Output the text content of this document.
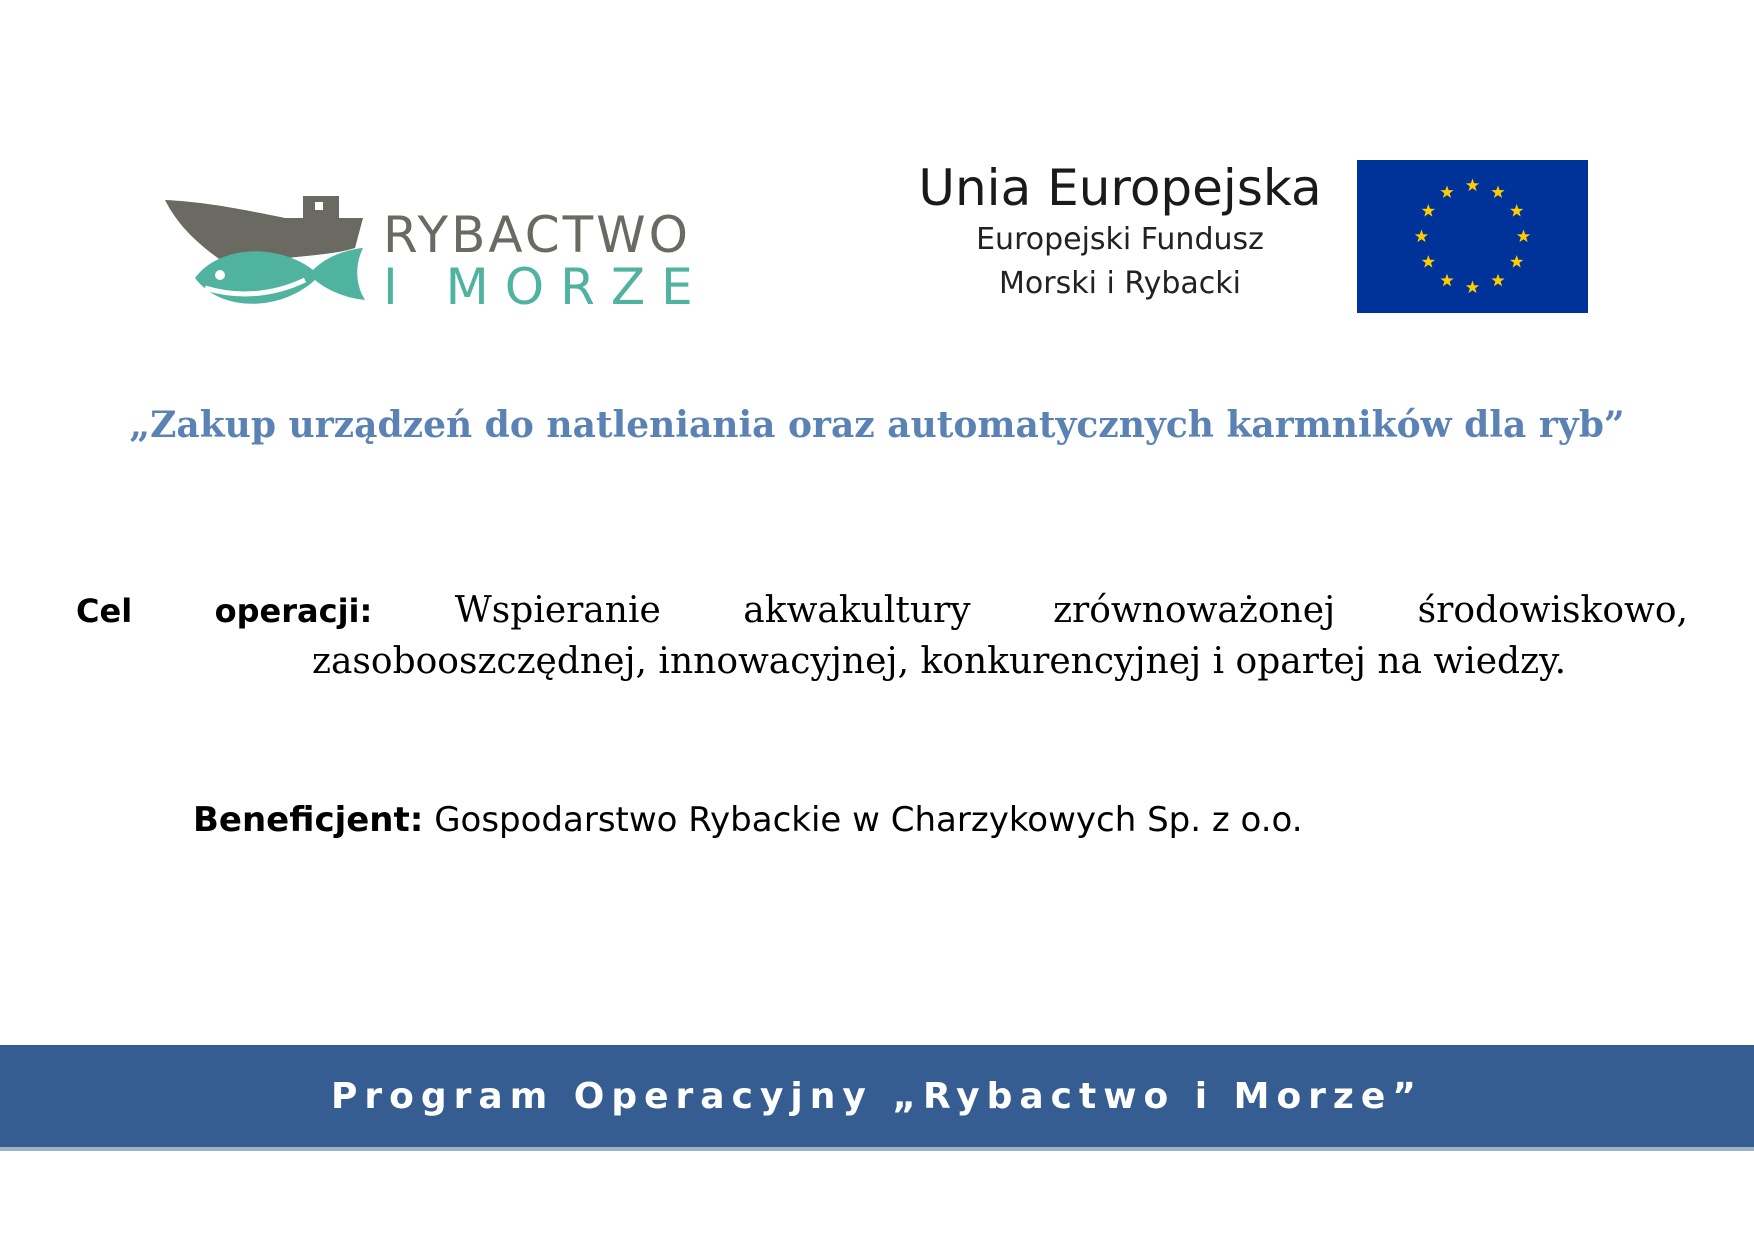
RYBACTWO
I MORZE
Unia Europejska
Europejski Fundusz
Morski i Rybacki
„Zakup urządzeń do natleniania oraz automatycznych karmników dla ryb”
Cel	operacji: Wspieranie akwakultury zrównoważonej środowiskowo,
zasobooszczędnej, innowacyjnej, konkurencyjnej i opartej na wiedzy.
Beneficjent: Gospodarstwo Rybackie w Charzykowych Sp. z o.o.
Program Operacyjny „Rybactwo i Morze”
